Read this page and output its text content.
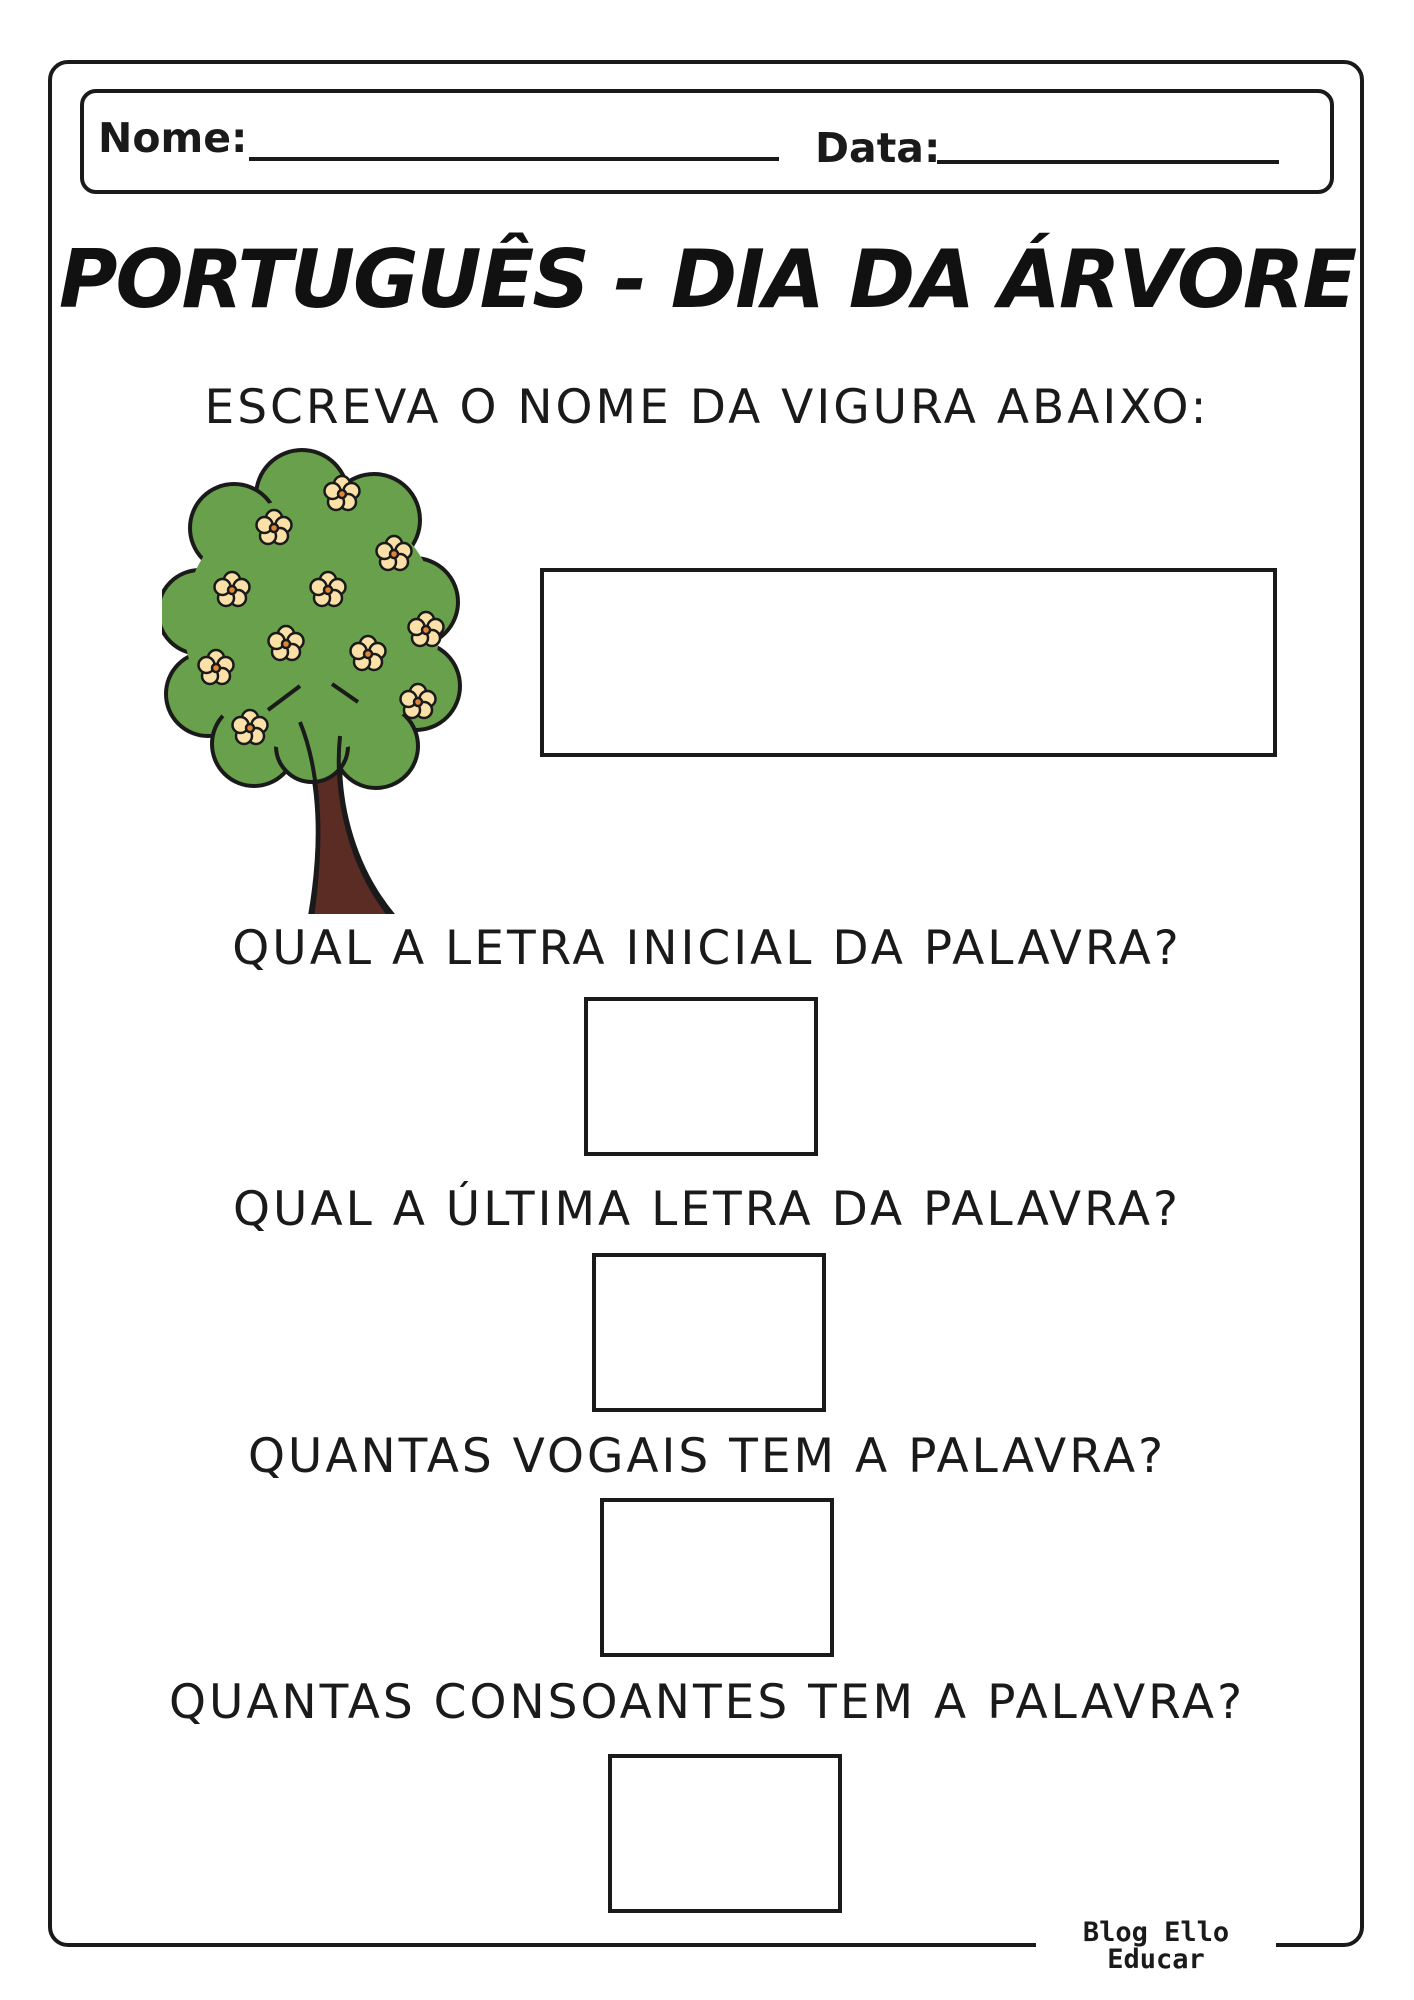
Nome:	Data:
PORTUGUÊS - DIA DA ÁRVORE
ESCREVA O NOME DA VIGURA ABAIXO:
QUAL A LETRA INICIAL DA PALAVRA?
QUAL A ÚLTIMA LETRA DA PALAVRA?
QUANTAS VOGAIS TEM A PALAVRA?
QUANTAS CONSOANTES TEM A PALAVRA?
Blog Ello Educar
